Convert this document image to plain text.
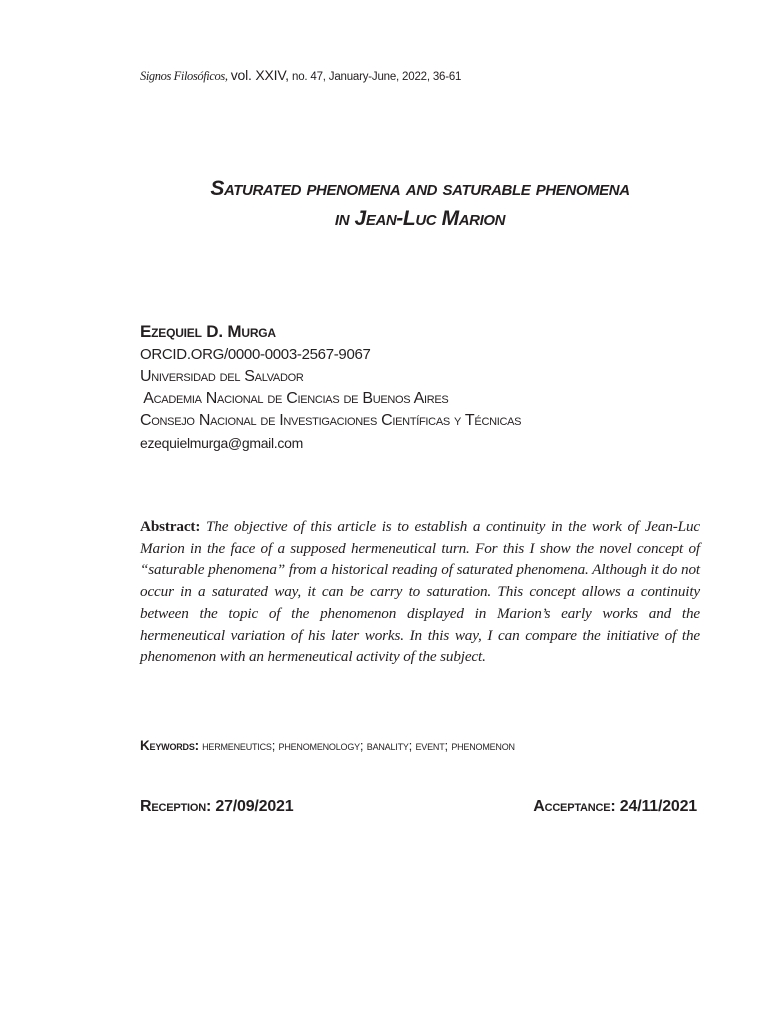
Signos Filosóficos, vol. XXIV, no. 47, January-June, 2022, 36-61
Saturated phenomena and saturable phenomena
in Jean-Luc Marion
Ezequiel D. Murga
ORCID.ORG/0000-0003-2567-9067
Universidad del Salvador
Academia Nacional de Ciencias de Buenos Aires
Consejo Nacional de Investigaciones Científicas y Técnicas
ezequielmurga@gmail.com
Abstract: The objective of this article is to establish a continuity in the work of Jean-Luc Marion in the face of a supposed hermeneutical turn. For this I show the novel concept of “saturable phenomena” from a historical reading of saturated phenomena. Although it do not occur in a saturated way, it can be carry to saturation. This concept allows a continuity between the topic of the phenomenon displayed in Marion’s early works and the hermeneutical variation of his later works. In this way, I can compare the initiative of the phenomenon with an hermeneutical activity of the subject.
Keywords: hermeneutics; phenomenology; banality; event; phenomenon
Reception: 27/09/2021	Acceptance: 24/11/2021
